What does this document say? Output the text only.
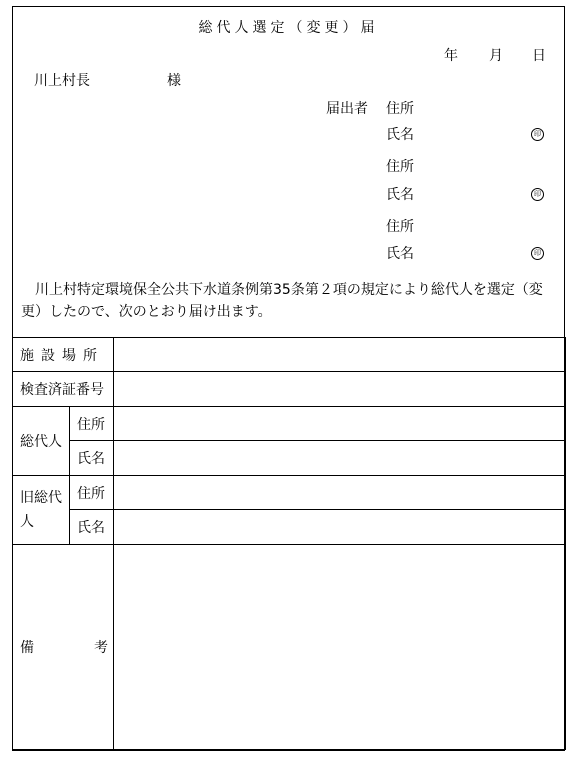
総代人選定（変更）届
年 月 日
川上村長	様
届出者 住所
氏名	印
住所
氏名	印
住所
氏名	印
川上村特定環境保全公共下水道条例第35条第２項の規定により総代人を選定（変更）したので、次のとおり届け出ます。
施設場所		

検査済証番号		
総代人	住所	
	氏名	
旧総代人	住所	
	氏名	

備考		
